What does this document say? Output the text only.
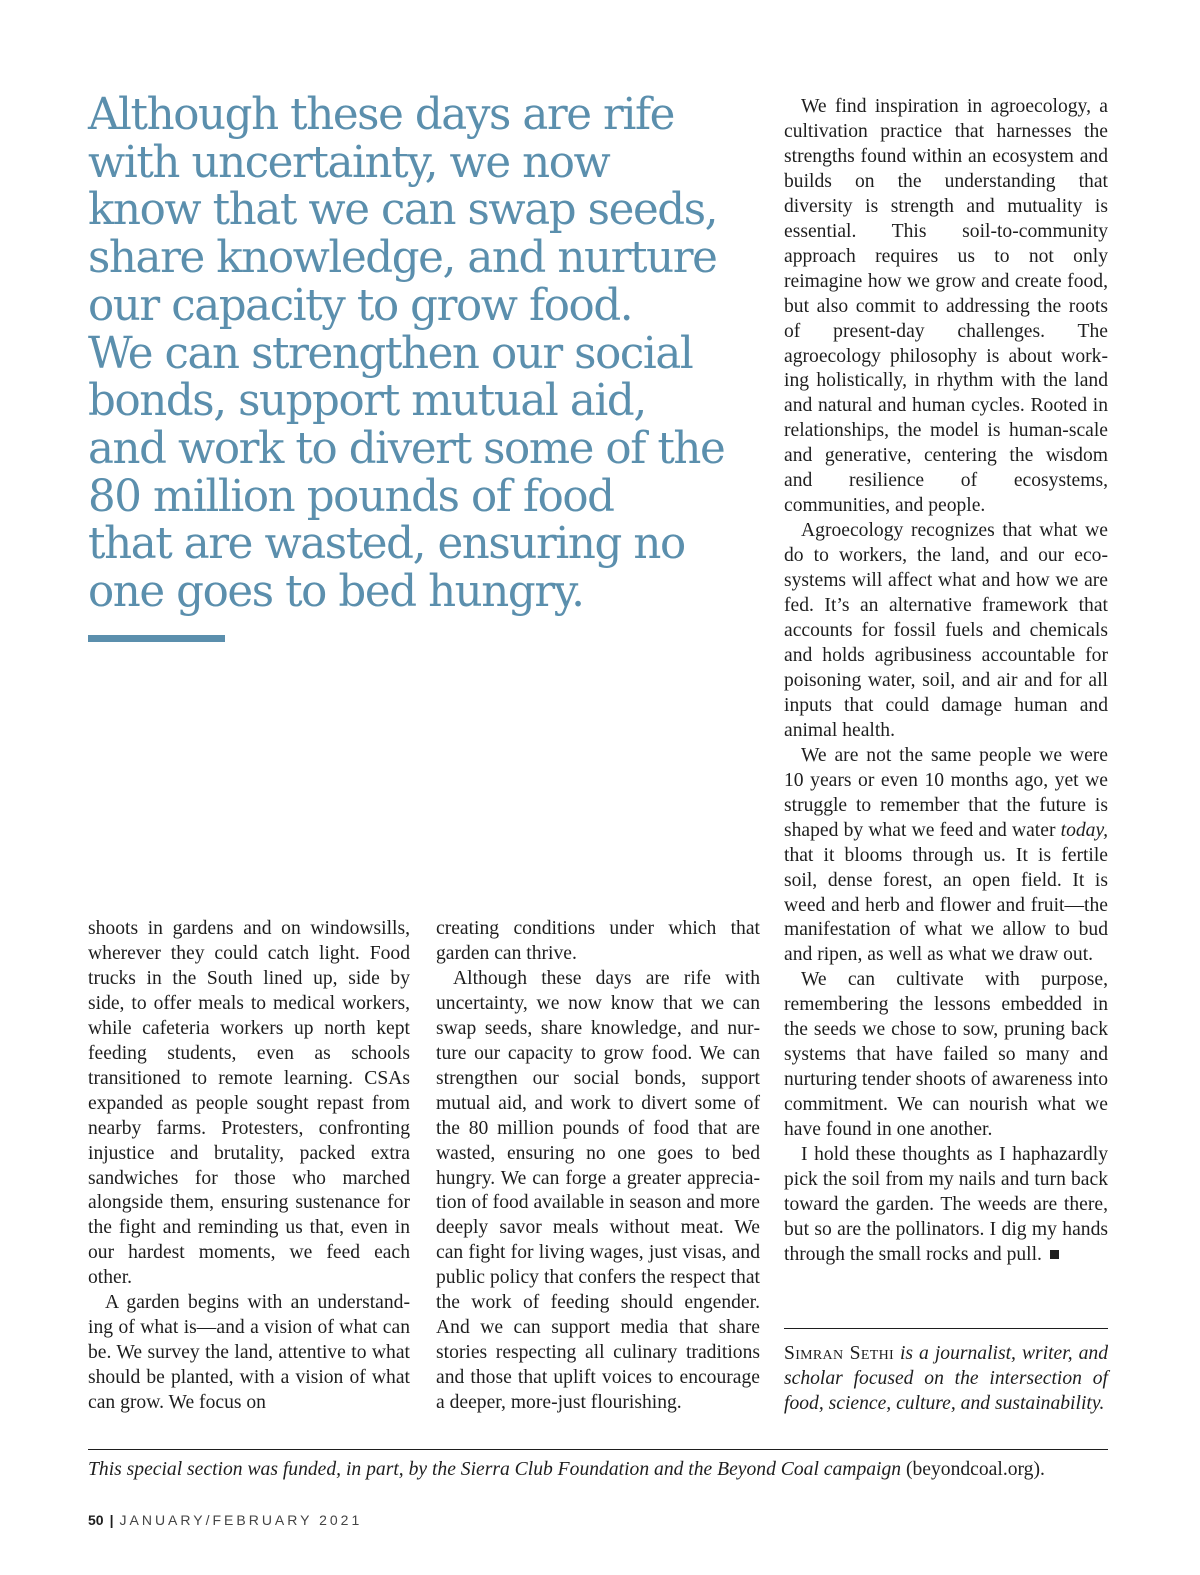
Although these days are rife
with uncertainty, we now
know that we can swap seeds,
share knowledge, and nurture
our capacity to grow food.
We can strengthen our social
bonds, support mutual aid,
and work to divert some of the
80 million pounds of food
that are wasted, ensuring no
one goes to bed hungry.

shoots in gardens and on windowsills, wherever they could catch light. Food trucks in the South lined up, side by side, to offer meals to medical workers, while cafeteria workers up north kept feeding students, even as schools transitioned to remote learning. CSAs expanded as people sought repast from nearby farms. Protesters, confronting injustice and brutality, packed extra sandwiches for those who marched alongside them, ensuring sustenance for the fight and reminding us that, even in our hardest moments, we feed each other.

A garden begins with an understanding of what is—and a vision of what can be. We survey the land, attentive to what should be planted, with a vision of what can grow. We focus on

creating conditions under which that garden can thrive.

Although these days are rife with uncertainty, we now know that we can swap seeds, share knowledge, and nurture our capacity to grow food. We can strengthen our social bonds, support mutual aid, and work to divert some of the 80 million pounds of food that are wasted, ensuring no one goes to bed hungry. We can forge a greater appreciation of food available in season and more deeply savor meals without meat. We can fight for living wages, just visas, and public policy that confers the respect that the work of feeding should engender. And we can support media that share stories respecting all culinary traditions and those that uplift voices to encourage a deeper, more-just flourishing.

We find inspiration in agroecology, a cultivation practice that harnesses the strengths found within an ecosystem and builds on the understanding that diversity is strength and mutuality is essential. This soil-to-community approach requires us to not only reimagine how we grow and create food, but also commit to addressing the roots of present-day challenges. The agroecology philosophy is about working holistically, in rhythm with the land and natural and human cycles. Rooted in relationships, the model is human-scale and generative, centering the wisdom and resilience of ecosystems, communities, and people.

Agroecology recognizes that what we do to workers, the land, and our ecosystems will affect what and how we are fed. It’s an alternative framework that accounts for fossil fuels and chemicals and holds agribusiness accountable for poisoning water, soil, and air and for all inputs that could damage human and animal health.

We are not the same people we were 10 years or even 10 months ago, yet we struggle to remember that the future is shaped by what we feed and water today, that it blooms through us. It is fertile soil, dense forest, an open field. It is weed and herb and flower and fruit—the manifestation of what we allow to bud and ripen, as well as what we draw out.

We can cultivate with purpose, remembering the lessons embedded in the seeds we chose to sow, pruning back systems that have failed so many and nurturing tender shoots of awareness into commitment. We can nourish what we have found in one another.

I hold these thoughts as I haphazardly pick the soil from my nails and turn back toward the garden. The weeds are there, but so are the pollinators. I dig my hands through the small rocks and pull.

Simran Sethi is a journalist, writer, and scholar focused on the intersection of food, science, culture, and sustainability.

This special section was funded, in part, by the Sierra Club Foundation and the Beyond Coal campaign (beyondcoal.org).

50 | JANUARY/FEBRUARY 2021
